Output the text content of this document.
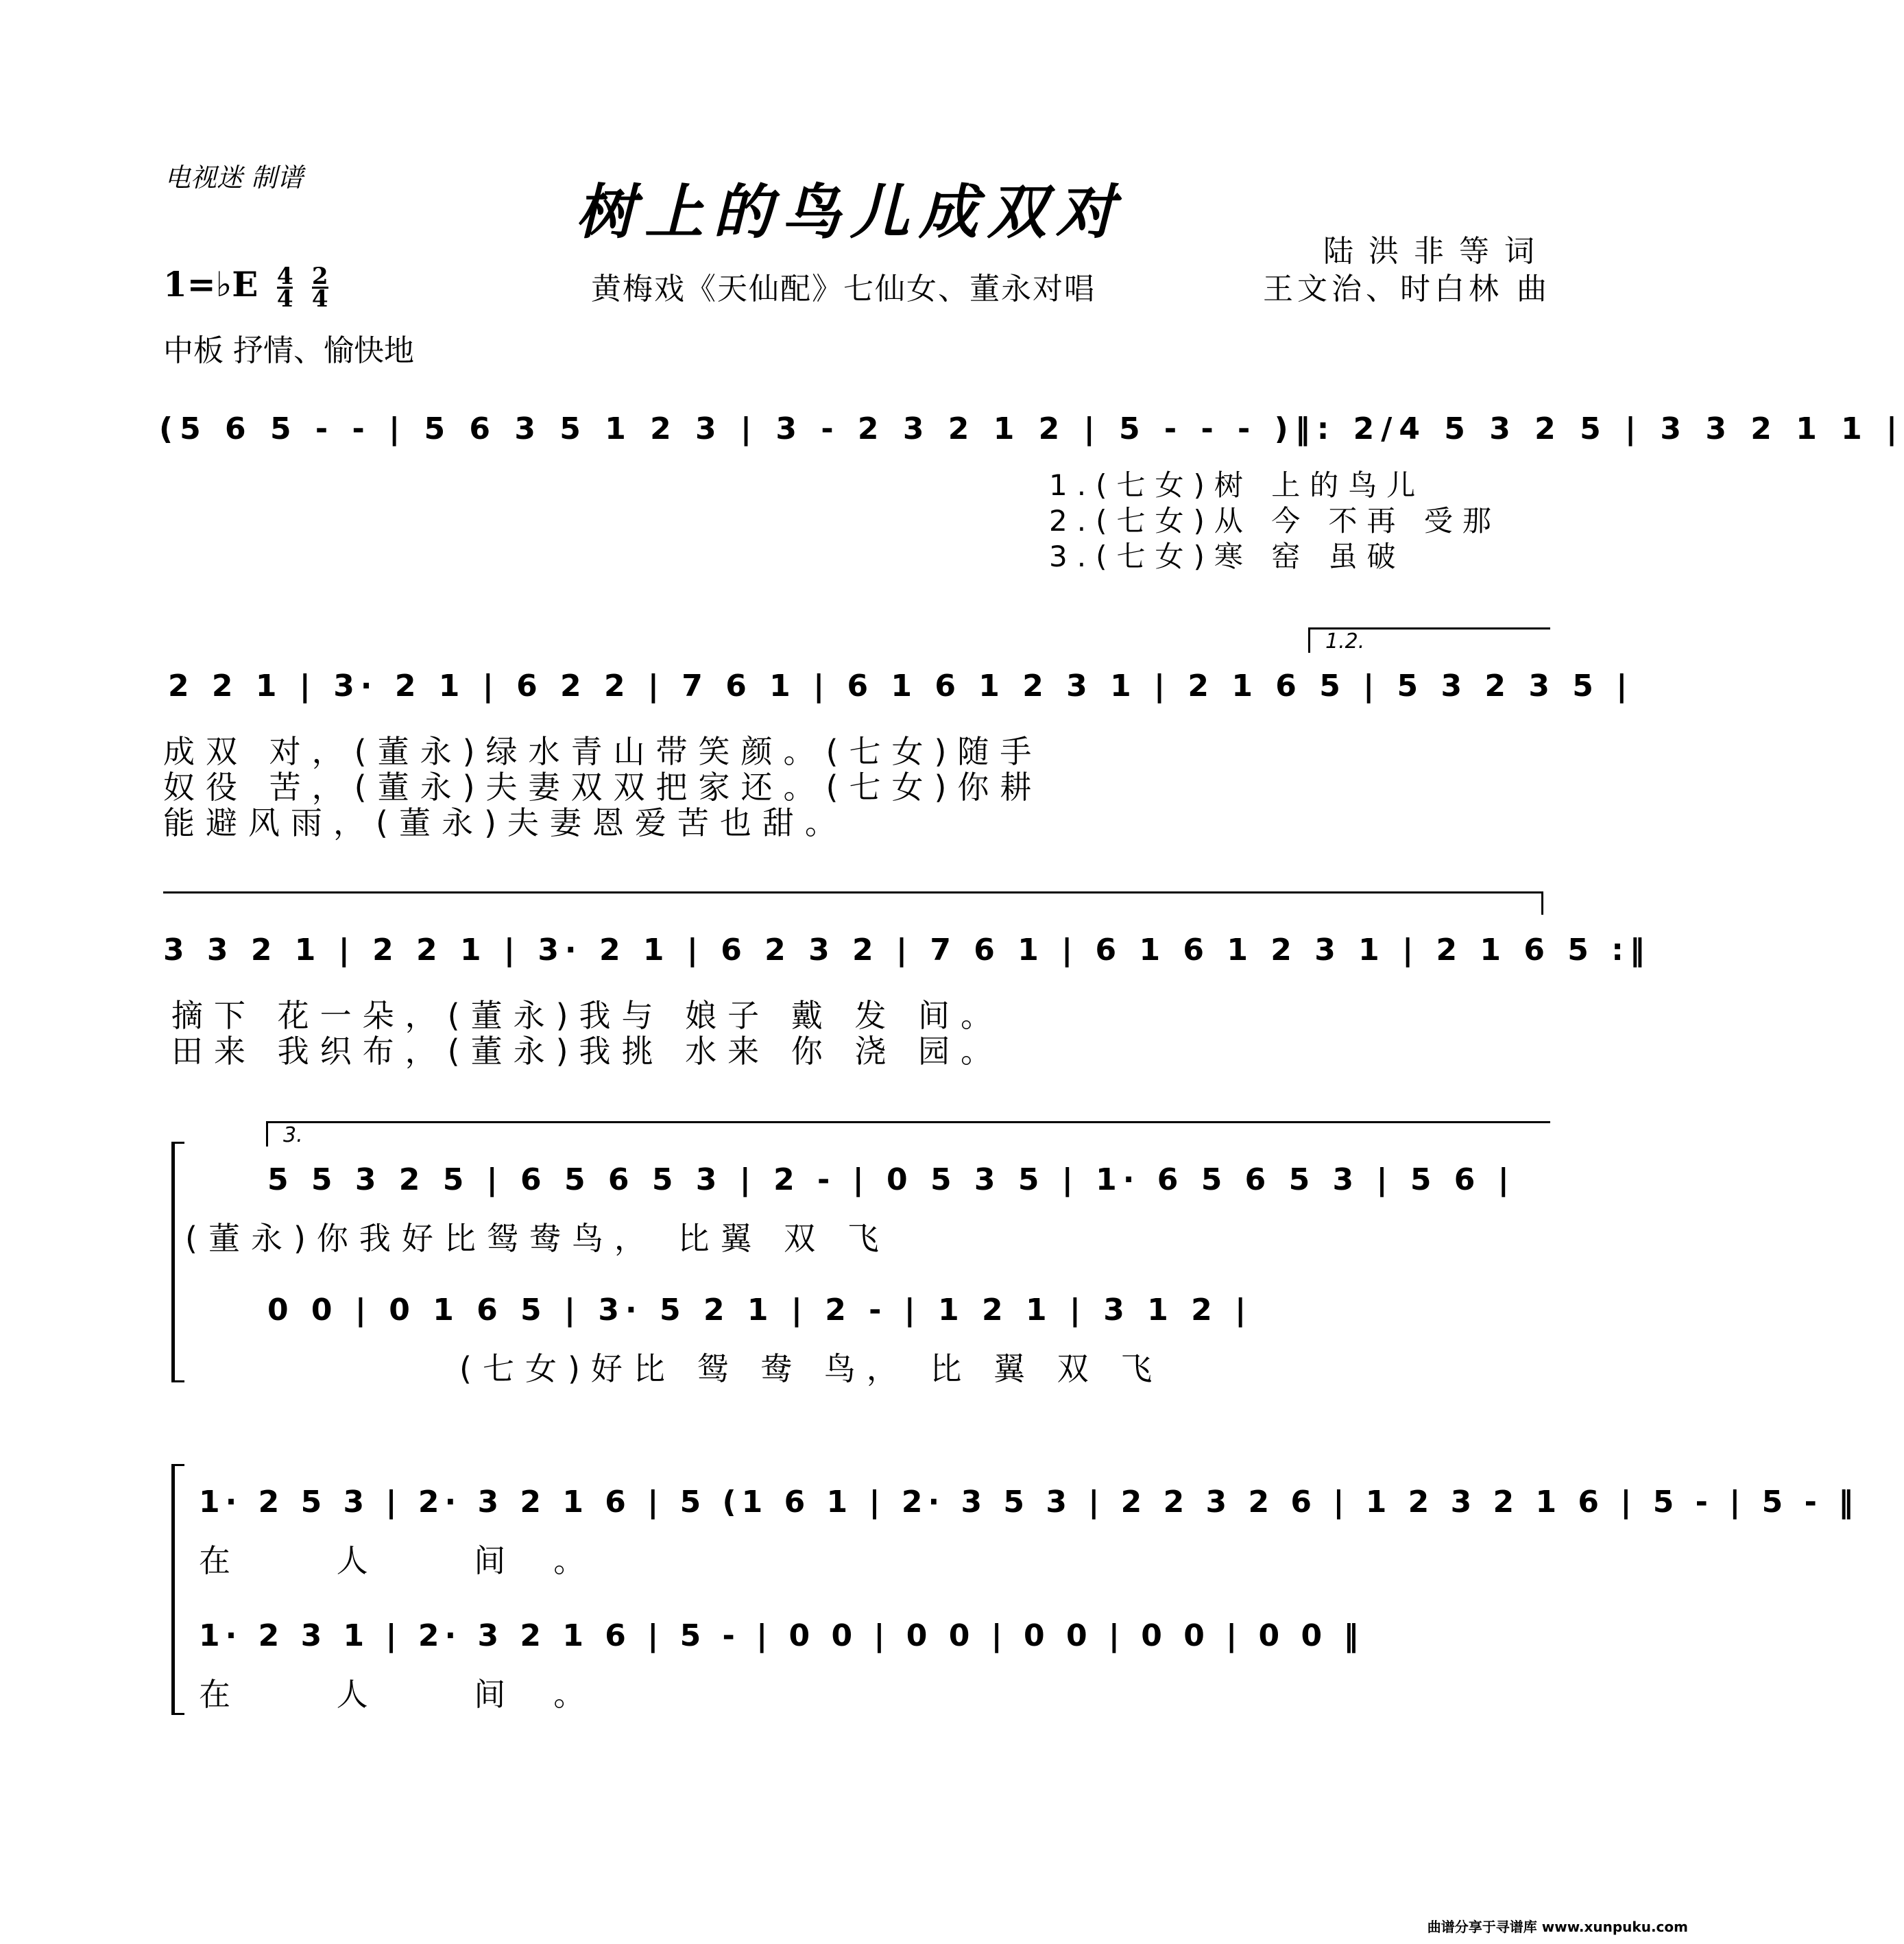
电视迷 制谱	树上的鸟儿成双对
陆洪非等词
王文治、时白林 曲
黄梅戏《天仙配》七仙女、董永对唱
1=♭E $\frac{4}{4}$
$\frac{2}{4}$
中板 抒情、愉快地
(5 6 5 - - | 5 6 3 5 1 2 3 | 3 - 2 3 2 1 2 | 5 - - - )‖: 2/4 5 3 2 5 | 3 3 2 1 1 |
1.(七女)树 上的鸟儿
2.(七女)从 今 不再 受那
3.(七女)寒 窑 虽破
1.2.
2 2 1 | 3· 2 1 | 6 2 2 | 7 6 1 | 6 1 6 1 2 3 1 | 2 1 6 5 | 5 3 2 3 5 |
成双 对，(董永)绿水青山带笑颜。(七女)随手
奴役 苦，(董永)夫妻双双把家还。(七女)你耕
能避风雨，(董永)夫妻恩爱苦也甜。
3 3 2 1 | 2 2 1 | 3· 2 1 | 6 2 3 2 | 7 6 1 | 6 1 6 1 2 3 1 | 2 1 6 5 :‖
摘下 花一朵，(董永)我与 娘子 戴 发 间。
田来 我织布，(董永)我挑 水来 你 浇 园。
3.
5 5 3 2 5 | 6 5 6 5 3 | 2 - | 0 5 3 5 | 1· 6 5 6 5 3 | 5 6 |
(董永)你我好比鸳鸯鸟， 比翼 双 飞
0 0 | 0 1 6 5 | 3· 5 2 1 | 2 - | 1 2 1 | 3 1 2 |
(七女)好比 鸳 鸯 鸟， 比 翼 双 飞
1· 2 5 3 | 2· 3 2 1 6 | 5 (1 6 1 | 2· 3 5 3 | 2 2 3 2 6 | 1 2 3 2 1 6 | 5 - | 5 - ‖
在 人 间。
1· 2 3 1 | 2· 3 2 1 6 | 5 - | 0 0 | 0 0 | 0 0 | 0 0 | 0 0 ‖
在 人 间。
曲谱分享于寻谱库 www.xunpuku.com
